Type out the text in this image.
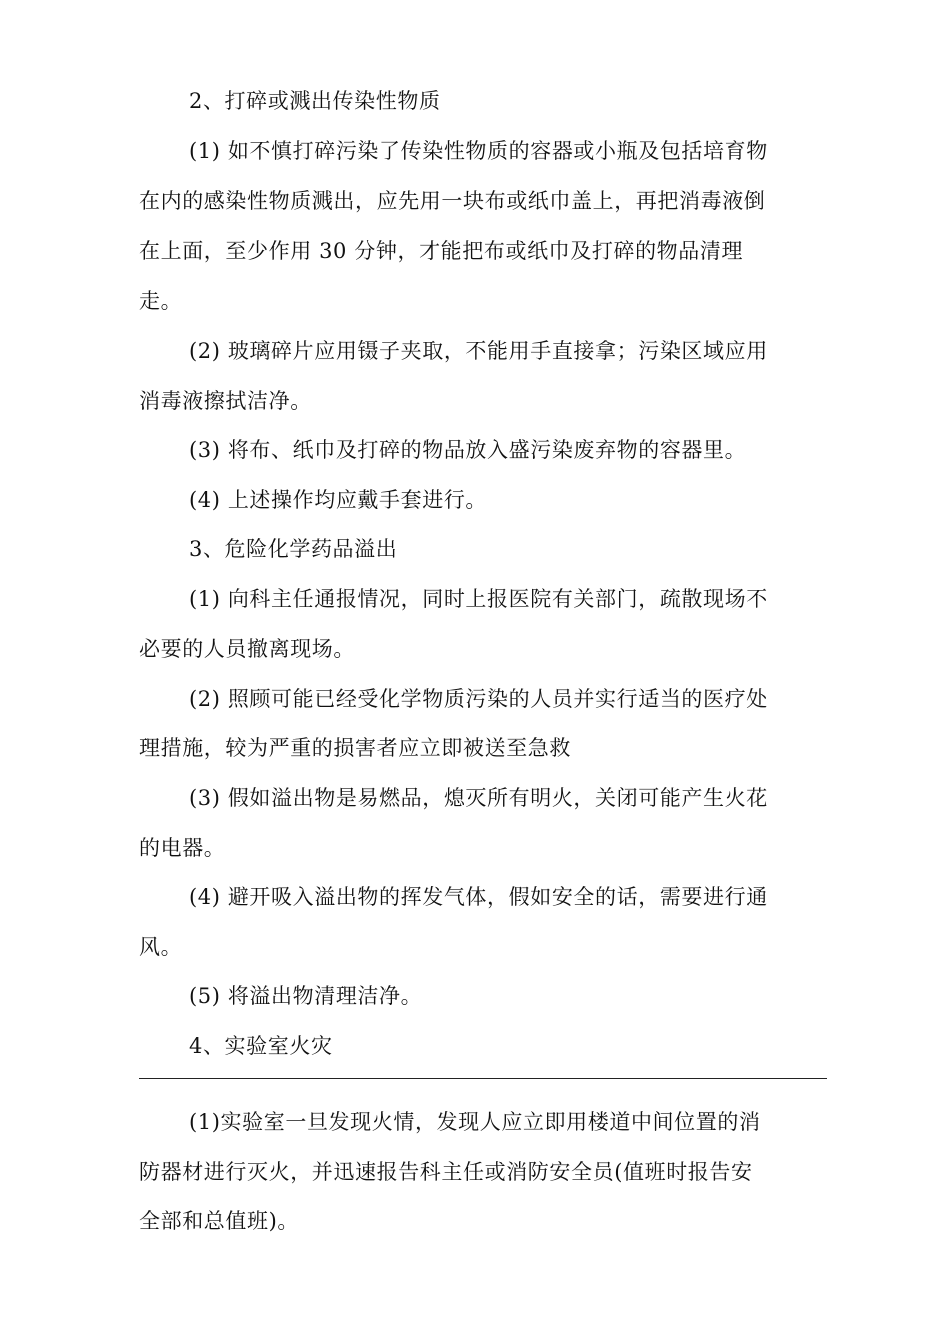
2、打碎或溅出传染性物质
(1) 如不慎打碎污染了传染性物质的容器或小瓶及包括培育物
在内的感染性物质溅出，应先用一块布或纸巾盖上，再把消毒液倒
在上面，至少作用 30 分钟，才能把布或纸巾及打碎的物品清理
走。
(2) 玻璃碎片应用镊子夹取，不能用手直接拿；污染区域应用
消毒液擦拭洁净。
(3) 将布、纸巾及打碎的物品放入盛污染废弃物的容器里。
(4) 上述操作均应戴手套进行。
3、危险化学药品溢出
(1) 向科主任通报情况，同时上报医院有关部门，疏散现场不
必要的人员撤离现场。
(2) 照顾可能已经受化学物质污染的人员并实行适当的医疗处
理措施，较为严重的损害者应立即被送至急救
(3) 假如溢出物是易燃品，熄灭所有明火，关闭可能产生火花
的电器。
(4) 避开吸入溢出物的挥发气体，假如安全的话，需要进行通
风。
(5) 将溢出物清理洁净。
4、实验室火灾
(1)实验室一旦发现火情，发现人应立即用楼道中间位置的消
防器材进行灭火，并迅速报告科主任或消防安全员(值班时报告安
全部和总值班)。
